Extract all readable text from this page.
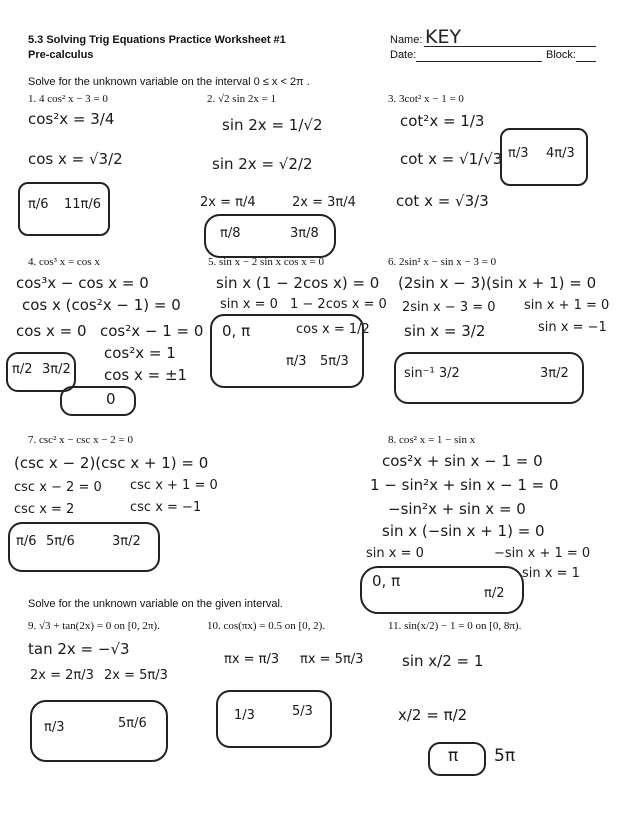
5.3 Solving Trig Equations Practice Worksheet #1
Pre-calculus
Name: KEY
Date:	Block:
Solve for the unknown variable on the interval 0 ≤ x < 2π .
1. 4 cos² x − 3 = 0
cos²x = 3/4
cos x = √3/2
π/6 11π/6
2. √2 sin 2x = 1
sin 2x = 1/√2
sin 2x = √2/2
2x = π/4	2x = 3π/4
π/8	3π/8
3. 3cot² x − 1 = 0
cot²x = 1/3
cot x = √1/√3
cot x = √3/3
π/3 4π/3
4. cos³ x = cos x
cos³x − cos x = 0
cos x (cos²x − 1) = 0
cos x = 0 cos²x − 1 = 0
cos²x = 1
cos x = ±1
π/2 3π/2
0
5. sin x − 2 sin x cos x = 0
sin x (1 − 2cos x) = 0
sin x = 0 1 − 2cos x = 0
cos x = 1/2
0, π
π/3 5π/3
6. 2sin² x − sin x − 3 = 0
(2sin x − 3)(sin x + 1) = 0
2sin x − 3 = 0 sin x + 1 = 0
sin x = 3/2	sin x = −1
sin⁻¹ 3/2	3π/2
7. csc² x − csc x − 2 = 0
(csc x − 2)(csc x + 1) = 0
csc x − 2 = 0 csc x + 1 = 0
csc x = 2	csc x = −1
π/6 5π/6	3π/2
8. cos² x = 1 − sin x
cos²x + sin x − 1 = 0
1 − sin²x + sin x − 1 = 0
−sin²x + sin x = 0
sin x (−sin x + 1) = 0
sin x = 0	−sin x + 1 = 0
sin x = 1
0, π
π/2
Solve for the unknown variable on the given interval.
9. √3 + tan(2x) = 0 on [0, 2π).
tan 2x = −√3
2x = 2π/3 2x = 5π/3
π/3	5π/6
10. cos(πx) = 0.5 on [0, 2).
πx = π/3 πx = 5π/3
1/3	5/3
11. sin(x/2) − 1 = 0 on [0, 8π).
sin x/2 = 1
x/2 = π/2
π 5π
